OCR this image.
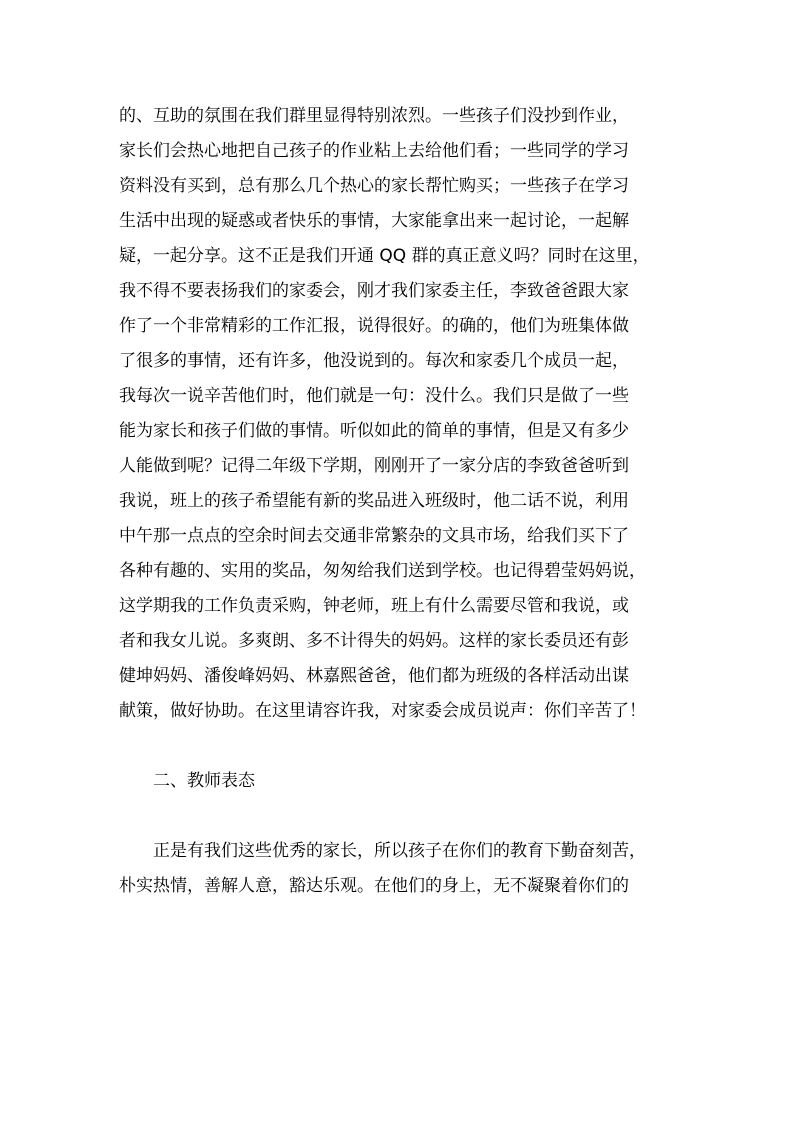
的、互助的氛围在我们群里显得特别浓烈。一些孩子们没抄到作业，
家长们会热心地把自己孩子的作业粘上去给他们看；一些同学的学习
资料没有买到，总有那么几个热心的家长帮忙购买；一些孩子在学习
生活中出现的疑惑或者快乐的事情，大家能拿出来一起讨论，一起解
疑，一起分享。这不正是我们开通 QQ 群的真正意义吗？同时在这里，
我不得不要表扬我们的家委会，刚才我们家委主任，李致爸爸跟大家
作了一个非常精彩的工作汇报，说得很好。的确的，他们为班集体做
了很多的事情，还有许多，他没说到的。每次和家委几个成员一起，
我每次一说辛苦他们时，他们就是一句：没什么。我们只是做了一些
能为家长和孩子们做的事情。听似如此的简单的事情，但是又有多少
人能做到呢？记得二年级下学期，刚刚开了一家分店的李致爸爸听到
我说，班上的孩子希望能有新的奖品进入班级时，他二话不说，利用
中午那一点点的空余时间去交通非常繁杂的文具市场，给我们买下了
各种有趣的、实用的奖品，匆匆给我们送到学校。也记得碧莹妈妈说，
这学期我的工作负责采购，钟老师，班上有什么需要尽管和我说，或
者和我女儿说。多爽朗、多不计得失的妈妈。这样的家长委员还有彭
健坤妈妈、潘俊峰妈妈、林嘉熙爸爸，他们都为班级的各样活动出谋
献策，做好协助。在这里请容许我，对家委会成员说声：你们辛苦了！
二、教师表态
正是有我们这些优秀的家长，所以孩子在你们的教育下勤奋刻苦，
朴实热情，善解人意，豁达乐观。在他们的身上，无不凝聚着你们的
